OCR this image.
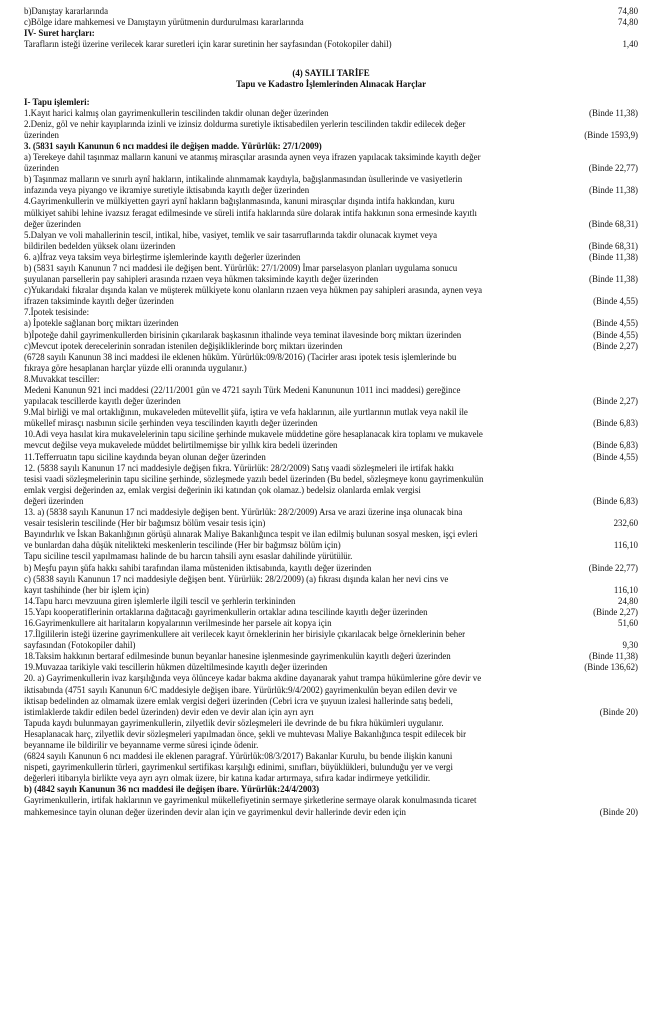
b)Danıştay kararlarında	74,80
c)Bölge idare mahkemesi ve Danıştayın yürütmenin durdurulması kararlarında	74,80
IV- Suret harçları:
Tarafların isteği üzerine verilecek karar suretleri için karar suretinin her sayfasından (Fotokopiler dahil)	1,40
(4) SAYILI TARİFE
Tapu ve Kadastro İşlemlerinden Alınacak Harçlar
I- Tapu işlemleri:
1.Kayıt harici kalmış olan gayrimenkullerin tescilinden takdir olunan değer üzerinden	(Binde 11,38)
2.Deniz, göl ve nehir kayıplarında izinli ve izinsiz doldurma suretiyle iktisabedilen yerlerin tescilinden takdir edilecek değer
üzerinden	(Binde 1593,9)
3. (5831 sayılı Kanunun 6 ncı maddesi ile değişen madde. Yürürlük: 27/1/2009)
a) Terekeye dahil taşınmaz malların kanuni ve atanmış mirasçılar arasında aynen veya ifrazen yapılacak taksiminde kayıtlı değer
üzerinden	(Binde 22,77)
b) Taşınmaz malların ve sınırlı aynî hakların, intikalinde alınmamak kaydıyla, bağışlanmasından ùsullerinde ve vasiyetlerin
infazında veya piyango ve ikramiye suretiyle iktisabında kayıtlı değer üzerinden	(Binde 11,38)
4.Gayrimenkullerin ve mülkiyetten gayri aynî hakların bağışlanmasında, kanuni mirasçılar dışında intifa hakkından, kuru
mülkiyet sahibi lehine ivazsız feragat edilmesinde ve süreli intifa haklarında süre dolarak intifa hakkının sona ermesinde kayıtlı
değer üzerinden	(Binde 68,31)
5.Dalyan ve voli mahallerinin tescil, intikal, hibe, vasiyet, temlik ve sair tasarruflarında takdir olunacak kıymet veya
bildirilen bedelden yüksek olanı üzerinden	(Binde 68,31)
6. a)İfraz veya taksim veya birleştirme işlemlerinde kayıtlı değerler üzerinden	(Binde 11,38)
b) (5831 sayılı Kanunun 7 nci maddesi ile değişen bent. Yürürlük: 27/1/2009) İmar parselasyon planları uygulama sonucu
şuyulanan parsellerin pay sahipleri arasında rızaen veya hükmen taksiminde kayıtlı değer üzerinden	(Binde 11,38)
c)Yukarıdaki fıkralar dışında kalan ve müşterek mülkiyete konu olanların rızaen veya hükmen pay sahipleri arasında, aynen veya
ifrazen taksiminde kayıtlı değer üzerinden	(Binde 4,55)
7.İpotek tesisinde:
a) İpotekle sağlanan borç miktarı üzerinden	(Binde 4,55)
b)İpoteğe dahil gayrimenkullerden birisinin çıkarılarak başkasının ithalinde veya teminat ilavesinde borç miktarı üzerinden	(Binde 4,55)
c)Mevcut ipotek derecelerinin sonradan istenilen değişikliklerinde borç miktarı üzerinden	(Binde 2,27)
(6728 sayılı Kanunun 38 inci maddesi ile eklenen hüküm. Yürürlük:09/8/2016) (Tacirler arası ipotek tesis işlemlerinde bu
fıkraya göre hesaplanan harçlar yüzde elli oranında uygulanır.)
8.Muvakkat tesciller:
Medeni Kanunun 921 inci maddesi (22/11/2001 gün ve 4721 sayılı Türk Medeni Kanununun 1011 inci maddesi) gereğince
yapılacak tescillerde kayıtlı değer üzerinden	(Binde 2,27)
9.Mal birliği ve mal ortaklığının, mukaveleden mütevellit şüfa, iştira ve vefa haklarının, aile yurtlarının mutlak veya nakil ile
mükellef mirasçı nasbının sicile şerhinden veya tescilinden kayıtlı değer üzerinden	(Binde 6,83)
10.Adi veya hasılat kira mukavelelerinin tapu siciline şerhinde mukavele müddetine göre hesaplanacak kira toplamı ve mukavele
mevcut değilse veya mukavelede müddet belirtilmemişse bir yıllık kira bedeli üzerinden	(Binde 6,83)
11.Tefferruatın tapu siciline kaydında beyan olunan değer üzerinden	(Binde 4,55)
12. (5838 sayılı Kanunun 17 nci maddesiyle değişen fıkra. Yürürlük: 28/2/2009) Satış vaadi sözleşmeleri ile irtifak hakkı
tesisi vaadi sözleşmelerinin tapu siciline şerhinde, sözleşmede yazılı bedel üzerinden (Bu bedel, sözleşmeye konu gayrimenkulün
emlak vergisi değerinden az, emlak vergisi değerinin iki katından çok olamaz.) bedelsiz olanlarda emlak vergisi
değeri üzerinden	(Binde 6,83)
13. a) (5838 sayılı Kanunun 17 nci maddesiyle değişen bent. Yürürlük: 28/2/2009) Arsa ve arazi üzerine inşa olunacak bina
vesair tesislerin tescilinde (Her bir bağımsız bölüm vesair tesis için)	232,60
Bayındırlık ve İskan Bakanlığının görüşü alınarak Maliye Bakanlığınca tespit ve ilan edilmiş bulunan sosyal mesken, işçi evleri
ve bunlardan daha düşük nitelikteki meskenlerin tescilinde (Her bir bağımsız bölüm için)	116,10
Tapu siciline tescil yapılmaması halinde de bu harcın tahsili aynı esaslar dahilinde yürütülür.
b) Meşfu payın şüfa hakkı sahibi tarafından ilama müsteniden iktisabında, kayıtlı değer üzerinden	(Binde 22,77)
c) (5838 sayılı Kanunun 17 nci maddesiyle değişen bent. Yürürlük: 28/2/2009) (a) fıkrası dışında kalan her nevi cins ve
kayıt tashihinde (her bir işlem için)	116,10
14.Tapu harcı mevzuuna giren işlemlerle ilgili tescil ve şerhlerin terkininden	24,80
15.Yapı kooperatiflerinin ortaklarına dağıtacağı gayrimenkullerin ortaklar adına tescilinde kayıtlı değer üzerinden	(Binde 2,27)
16.Gayrimenkullere ait haritaların kopyalarının verilmesinde her parsele ait kopya için	51,60
17.İlgililerin isteği üzerine gayrimenkullere ait verilecek kayıt örneklerinin her birisiyle çıkarılacak belge örneklerinin beher
sayfasından (Fotokopiler dahil)	9,30
18.Taksim hakkının bertaraf edilmesinde bunun beyanlar hanesine işlenmesinde gayrimenkulün kayıtlı değeri üzerinden	(Binde 11,38)
19.Muvazaa tarikiyle vaki tescillerin hükmen düzeltilmesinde kayıtlı değer üzerinden	(Binde 136,62)
20. a) Gayrimenkullerin ivaz karşılığında veya ölünceye kadar bakma akdine dayanarak yahut trampa hükümlerine göre devir ve
iktisabında (4751 sayılı Kanunun 6/C maddesiyle değişen ibare. Yürürlük:9/4/2002) gayrimenkulün beyan edilen devir ve
iktisap bedelinden az olmamak üzere emlak vergisi değeri üzerinden (Cebri icra ve şuyuun izalesi hallerinde satış bedeli,
istimlaklerde takdir edilen bedel üzerinden) devir eden ve devir alan için ayrı ayrı	(Binde 20)
Tapuda kaydı bulunmayan gayrimenkullerin, zilyetlik devir sözleşmeleri ile devrinde de bu fıkra hükümleri uygulanır.
Hesaplanacak harç, zilyetlik devir sözleşmeleri yapılmadan önce, şekli ve muhtevası Maliye Bakanlığınca tespit edilecek bir
beyanname ile bildirilir ve beyanname verme süresi içinde ödenir.
(6824 sayılı Kanunun 6 ncı maddesi ile eklenen paragraf. Yürürlük:08/3/2017) Bakanlar Kurulu, bu bende ilişkin kanuni
nispeti, gayrimenkullerin türleri, gayrimenkul sertifikası karşılığı edinimi, sınıfları, büyüklükleri, bulunduğu yer ve vergi
değerleri itibarıyla birlikte veya ayrı ayrı olmak üzere, bir katına kadar artırmaya, sıfıra kadar indirmeye yetkilidir.
b) (4842 sayılı Kanunun 36 ncı maddesi ile değişen ibare. Yürürlük:24/4/2003)
Gayrimenkullerin, irtifak haklarının ve gayrimenkul mükellefiyetinin sermaye şirketlerine sermaye olarak konulmasında ticaret
mahkemesince tayin olunan değer üzerinden devir alan için ve gayrimenkul devir hallerinde devir eden için	(Binde 20)
